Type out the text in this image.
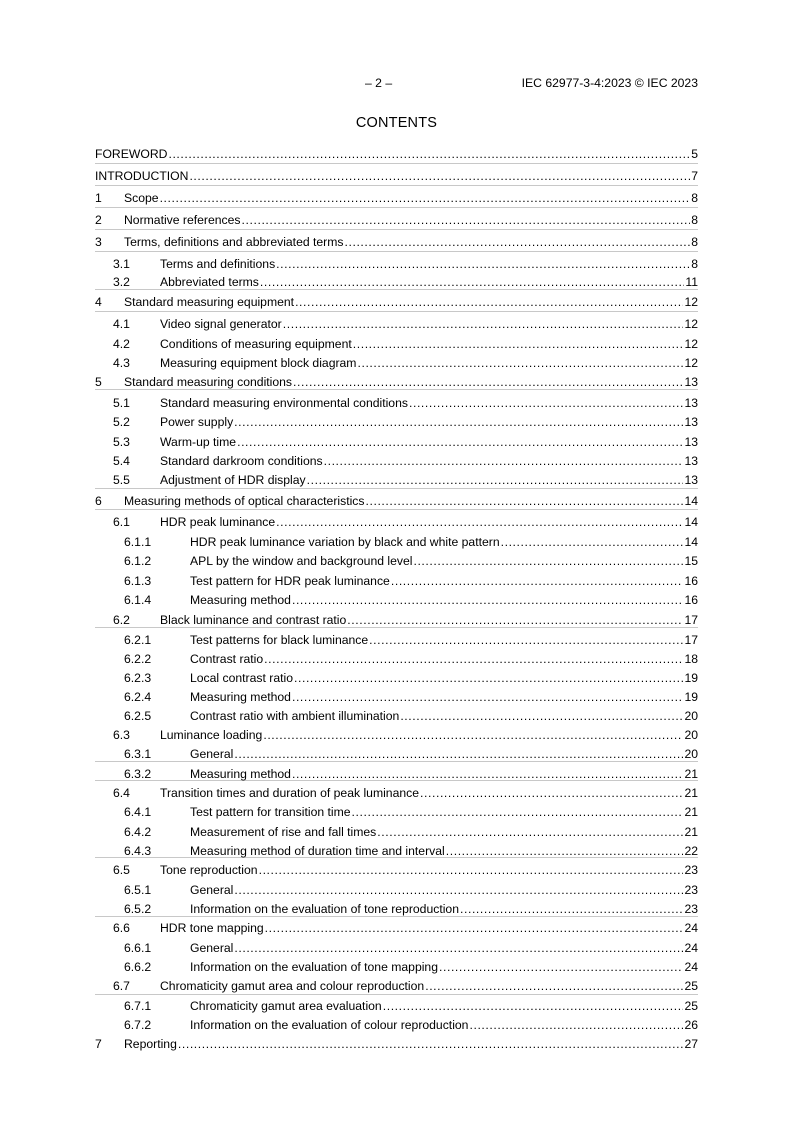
– 2 –	IEC 62977-3-4:2023 © IEC 2023
CONTENTS
FOREWORD .....	5
INTRODUCTION .....	7
1 Scope .....	8
2 Normative references .....	8
3 Terms, definitions and abbreviated terms .....	8
3.1 Terms and definitions .....	8
3.2 Abbreviated terms .....	11
4 Standard measuring equipment .....	12
4.1 Video signal generator .....	12
4.2 Conditions of measuring equipment .....	12
4.3 Measuring equipment block diagram .....	12
5 Standard measuring conditions .....	13
5.1 Standard measuring environmental conditions .....	13
5.2 Power supply .....	13
5.3 Warm-up time .....	13
5.4 Standard darkroom conditions .....	13
5.5 Adjustment of HDR display .....	13
6 Measuring methods of optical characteristics .....	14
6.1 HDR peak luminance .....	14
6.1.1	HDR peak luminance variation by black and white pattern .....	14
6.1.2	APL by the window and background level .....	15
6.1.3	Test pattern for HDR peak luminance .....	16
6.1.4	Measuring method .....	16
6.2 Black luminance and contrast ratio .....	17
6.2.1	Test patterns for black luminance .....	17
6.2.2	Contrast ratio .....	18
6.2.3	Local contrast ratio .....	19
6.2.4	Measuring method .....	19
6.2.5	Contrast ratio with ambient illumination .....	20
6.3 Luminance loading .....	20
6.3.1	General .....	20
6.3.2	Measuring method .....	21
6.4 Transition times and duration of peak luminance .....	21
6.4.1	Test pattern for transition time .....	21
6.4.2	Measurement of rise and fall times .....	21
6.4.3	Measuring method of duration time and interval .....	22
6.5 Tone reproduction .....	23
6.5.1	General .....	23
6.5.2	Information on the evaluation of tone reproduction .....	23
6.6 HDR tone mapping .....	24
6.6.1	General .....	24
6.6.2	Information on the evaluation of tone mapping .....	24
6.7 Chromaticity gamut area and colour reproduction .....	25
6.7.1	Chromaticity gamut area evaluation .....	25
6.7.2	Information on the evaluation of colour reproduction .....	26
7 Reporting .....	27
